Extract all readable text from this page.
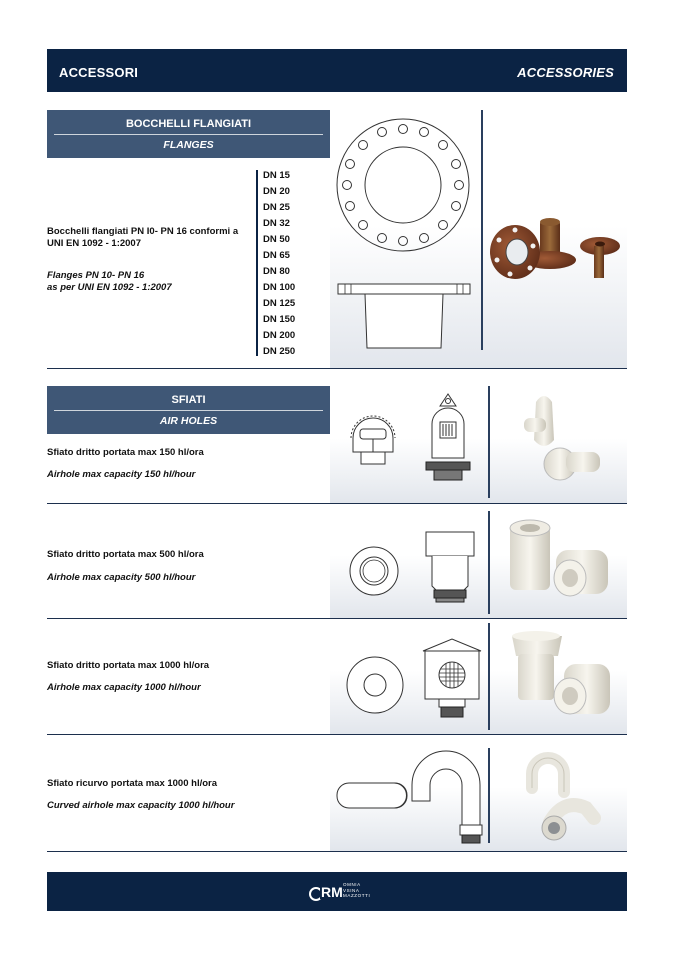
ACCESSORI	ACCESSORIES
BOCCHELLI FLANGIATI
FLANGES
Bocchelli flangiati PN I0- PN 16 conformi a
UNI EN 1092 - 1:2007
Flanges PN 10- PN 16
as per UNI EN 1092 - 1:2007
DN 15
DN 20
DN 25
DN 32
DN 50
DN 65
DN 80
DN 100
DN 125
DN 150
DN 200
DN 250
SFIATI
AIR HOLES
Sfiato dritto portata max 150 hl/ora
Airhole max capacity 150 hl/hour
Sfiato dritto portata max 500 hl/ora
Airhole max capacity 500 hl/hour
Sfiato dritto portata max 1000 hl/ora
Airhole max capacity 1000 hl/hour
Sfiato ricurvo portata max 1000 hl/ora
Curved airhole max capacity 1000 hl/hour
RM OMNIA
VSINA
MAZZOTTI
